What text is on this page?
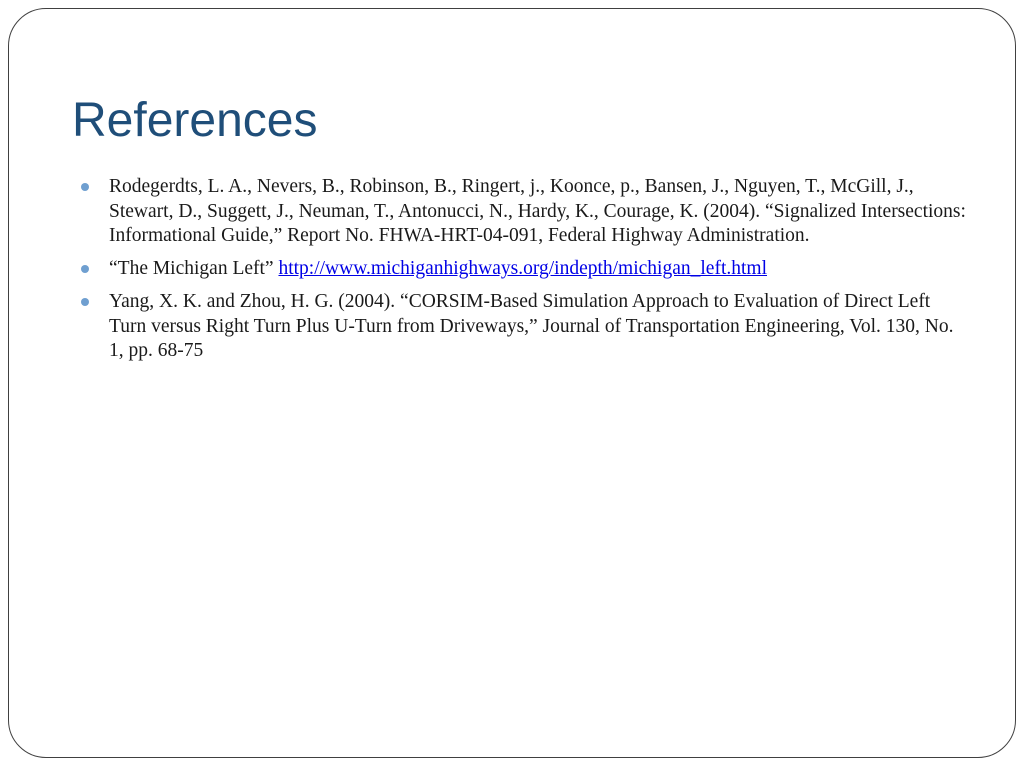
References
Rodegerdts, L. A., Nevers, B., Robinson, B., Ringert, j., Koonce, p., Bansen, J., Nguyen, T., McGill, J., Stewart, D., Suggett, J., Neuman, T., Antonucci, N., Hardy, K., Courage, K. (2004). “Signalized Intersections: Informational Guide,” Report No. FHWA-HRT-04-091, Federal Highway Administration.
“The Michigan Left” http://www.michiganhighways.org/indepth/michigan_left.html
Yang, X. K. and Zhou, H. G. (2004). “CORSIM-Based Simulation Approach to Evaluation of Direct Left Turn versus Right Turn Plus U-Turn from Driveways,” Journal of Transportation Engineering, Vol. 130, No. 1, pp. 68-75
